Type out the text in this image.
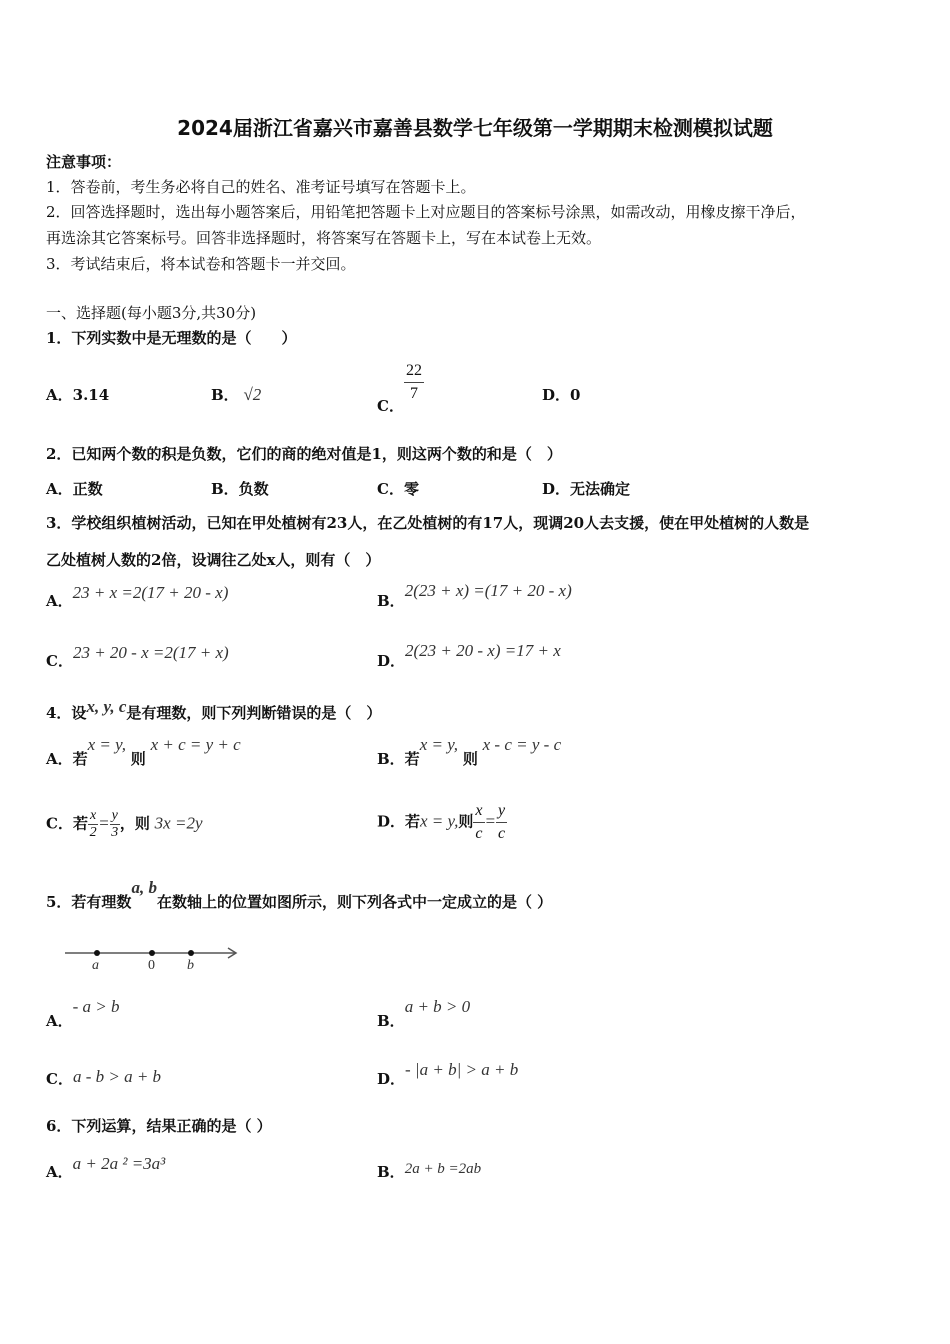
2024届浙江省嘉兴市嘉善县数学七年级第一学期期末检测模拟试题
注意事项：
1．答卷前，考生务必将自己的姓名、准考证号填写在答题卡上。
2．回答选择题时，选出每小题答案后，用铅笔把答题卡上对应题目的答案标号涂黑，如需改动，用橡皮擦干净后，
再选涂其它答案标号。回答非选择题时，将答案写在答题卡上，写在本试卷上无效。
3．考试结束后，将本试卷和答题卡一并交回。
一、选择题(每小题3分,共30分)
1．下列实数中是无理数的是（　　）
A．3.14	B． √2
C．
$\frac{22}{7}$	D．0
2．已知两个数的积是负数，它们的商的绝对值是1，则这两个数的和是（　）
A．正数	B．负数	C．零	D．无法确定
3．学校组织植树活动，已知在甲处植树有23人，在乙处植树的有17人，现调20人去支援，使在甲处植树的人数是
乙处植树人数的2倍，设调往乙处x人，则有（　）
A．23 + x =2(17 + 20 - x)	B．2(23 + x) =(17 + 20 - x)
C．23 + 20 - x =2(17 + x)	D．2(23 + 20 - x) =17 + x
4．设x, y, c是有理数，则下列判断错误的是（　）
A．若x = y, 则 x + c = y + c
B．若x = y, 则 x - c = y - c
C．若 $\frac{x}{2} = \frac{y}{3}$ ，则 3x =2y	D．若x = y,则 $\frac{x}{c} = \frac{y}{c}$
5．若有理数a, b在数轴上的位置如图所示，则下列各式中一定成立的是（ ）
a	0 b
A．- a > b
B．a + b > 0
C．a - b > a + b	D．- |a + b| > a + b
6．下列运算，结果正确的是（ ）
A．a + 2a ² =3a³	B．2a + b =2ab
